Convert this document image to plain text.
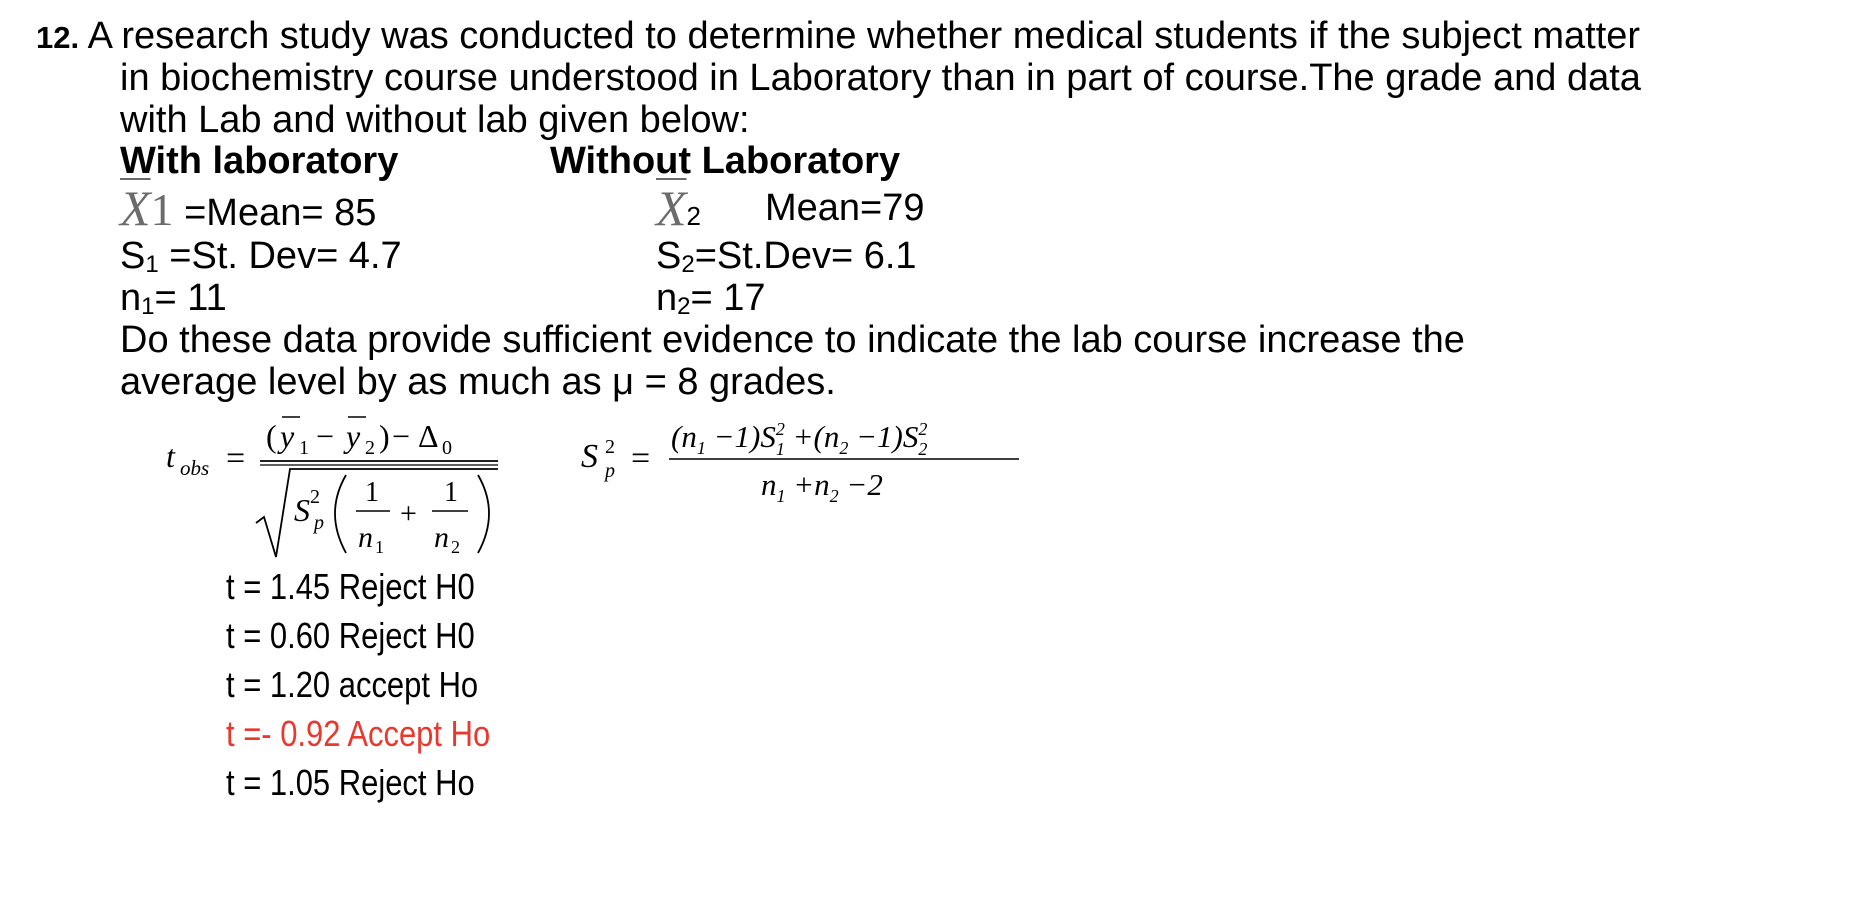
12. A research study was conducted to determine whether medical students if the subject matter
in biochemistry course understood in Laboratory than in part of course.The grade and data
with Lab and without lab given below:
With laboratory	Without Laboratory
$\overline{X}1$ =Mean= 85
S1 =St. Dev= 4.7
n1= 11
$\overline{X}2$ Mean=79
S2=St.Dev= 6.1
n2= 17
Do these data provide sufficient evidence to indicate the lab course increase the
average level by as much as μ = 8 grades.
t obs =
( y 1 − y 2 ) − Δ 0
S 2
p
1
n 1
+
1
n 2
S 2
p =
$(n_1 -1)S^2$ $1 +(n_2 -1)S^2$ 2
$n_1 +n_2 -2$
t = 1.45 Reject H0
t = 0.60 Reject H0
t = 1.20 accept Ho
t =- 0.92 Accept Ho
t = 1.05 Reject Ho
